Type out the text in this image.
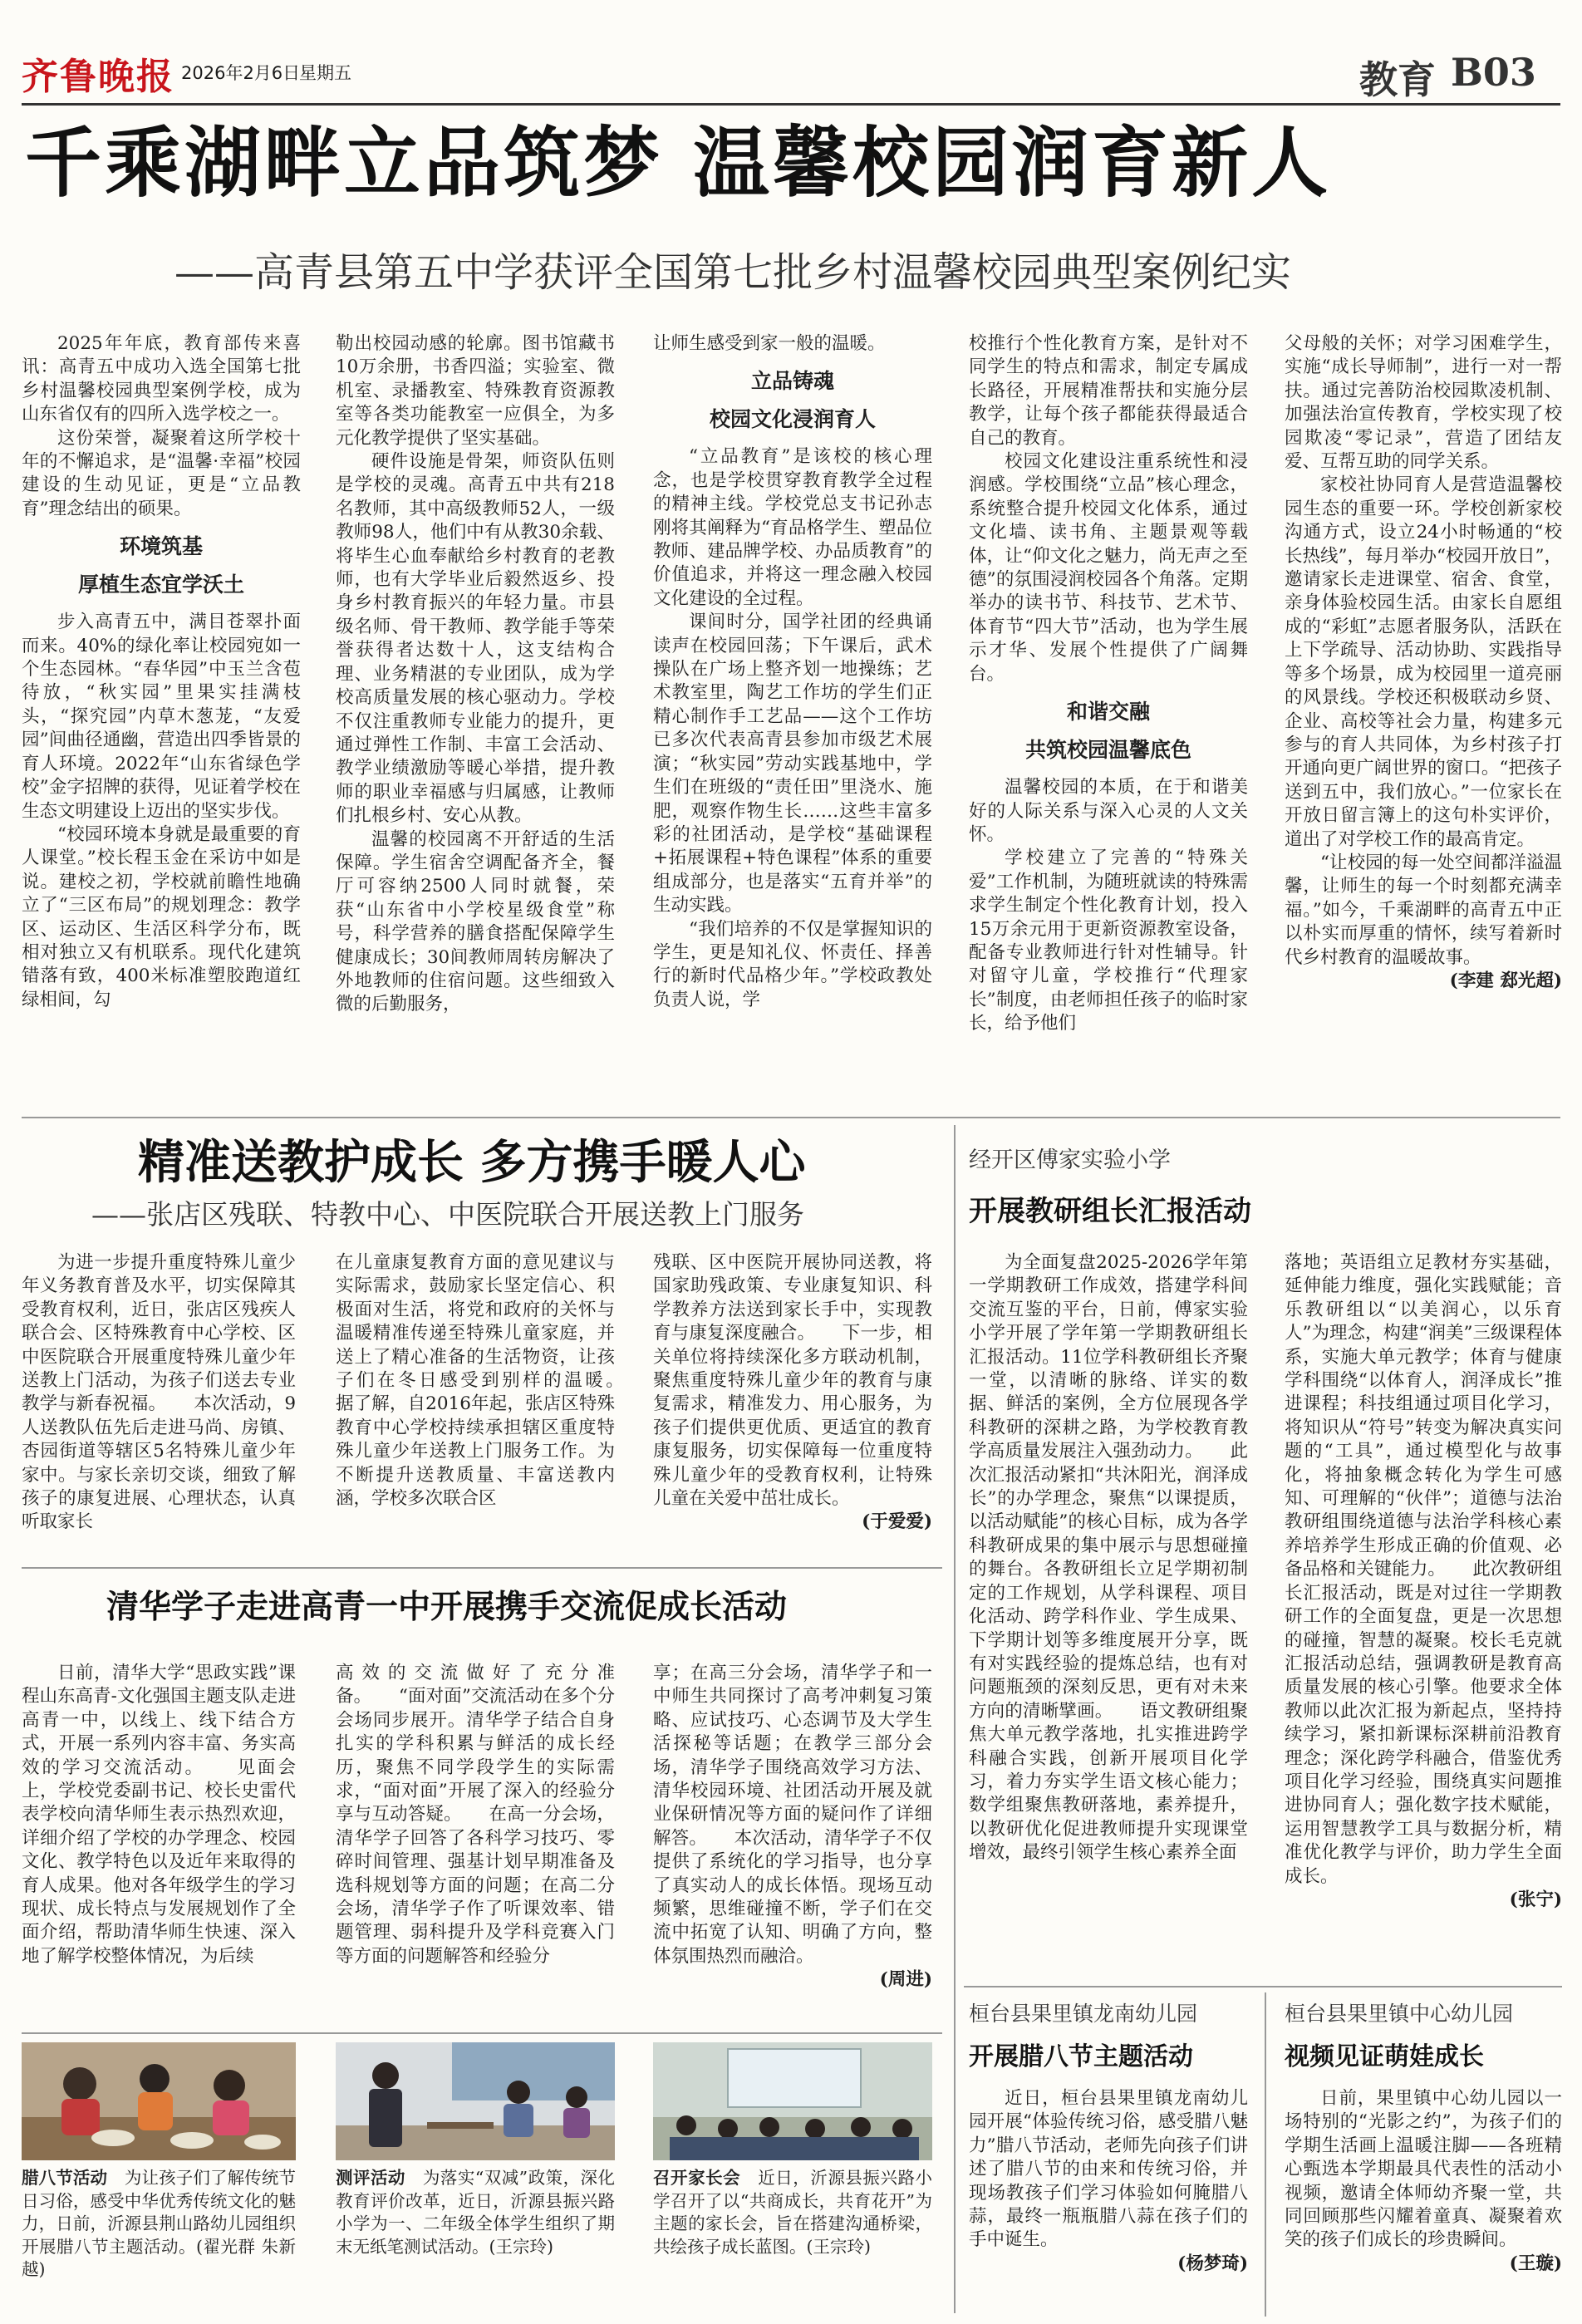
齐鲁晚报 2026年2月6日
星期五	教育 B03
千乘湖畔立品筑梦 温馨校园润育新人
——高青县第五中学获评全国第七批乡村温馨校园典型案例纪实

2025年年底，教育部传来喜讯：高青五中成功入选全国第七批乡村温馨校园典型案例学校，成为山东省仅有的四所入选学校之一。

这份荣誉，凝聚着这所学校十年的不懈追求，是“温馨·幸福”校园建设的生动见证，更是“立品教育”理念结出的硕果。

环境筑基
厚植生态宜学沃土

步入高青五中，满目苍翠扑面而来。40%的绿化率让校园宛如一个生态园林。“春华园”中玉兰含苞待放，“秋实园”里果实挂满枝头，“探究园”内草木葱茏，“友爱园”间曲径通幽，营造出四季皆景的育人环境。2022年“山东省绿色学校”金字招牌的获得，见证着学校在生态文明建设上迈出的坚实步伐。

“校园环境本身就是最重要的育人课堂。”校长程玉金在采访中如是说。建校之初，学校就前瞻性地确立了“三区布局”的规划理念：教学区、运动区、生活区科学分布，既相对独立又有机联系。现代化建筑错落有致，400米标准塑胶跑道红绿相间，勾

勒出校园动感的轮廓。图书馆藏书10万余册，书香四溢；实验室、微机室、录播教室、特殊教育资源教室等各类功能教室一应俱全，为多元化教学提供了坚实基础。

硬件设施是骨架，师资队伍则是学校的灵魂。高青五中共有218名教师，其中高级教师52人，一级教师98人，他们中有从教30余载、将毕生心血奉献给乡村教育的老教师，也有大学毕业后毅然返乡、投身乡村教育振兴的年轻力量。市县级名师、骨干教师、教学能手等荣誉获得者达数十人，这支结构合理、业务精湛的专业团队，成为学校高质量发展的核心驱动力。学校不仅注重教师专业能力的提升，更通过弹性工作制、丰富工会活动、教学业绩激励等暖心举措，提升教师的职业幸福感与归属感，让教师们扎根乡村、安心从教。

温馨的校园离不开舒适的生活保障。学生宿舍空调配备齐全，餐厅可容纳2500人同时就餐，荣获“山东省中小学校星级食堂”称号，科学营养的膳食搭配保障学生健康成长；30间教师周转房解决了外地教师的住宿问题。这些细致入微的后勤服务，

让师生感受到家一般的温暖。

立品铸魂
校园文化浸润育人

“立品教育”是该校的核心理念，也是学校贯穿教育教学全过程的精神主线。学校党总支书记孙志刚将其阐释为“育品格学生、塑品位教师、建品牌学校、办品质教育”的价值追求，并将这一理念融入校园文化建设的全过程。

课间时分，国学社团的经典诵读声在校园回荡；下午课后，武术操队在广场上整齐划一地操练；艺术教室里，陶艺工作坊的学生们正精心制作手工艺品——这个工作坊已多次代表高青县参加市级艺术展演；“秋实园”劳动实践基地中，学生们在班级的“责任田”里浇水、施肥，观察作物生长……这些丰富多彩的社团活动，是学校“基础课程+拓展课程+特色课程”体系的重要组成部分，也是落实“五育并举”的生动实践。

“我们培养的不仅是掌握知识的学生，更是知礼仪、怀责任、择善行的新时代品格少年。”学校政教处负责人说，学

校推行个性化教育方案，是针对不同学生的特点和需求，制定专属成长路径，开展精准帮扶和实施分层教学，让每个孩子都能获得最适合自己的教育。

校园文化建设注重系统性和浸润感。学校围绕“立品”核心理念，系统整合提升校园文化体系，通过文化墙、读书角、主题景观等载体，让“仰文化之魅力，尚无声之至德”的氛围浸润校园各个角落。定期举办的读书节、科技节、艺术节、体育节“四大节”活动，也为学生展示才华、发展个性提供了广阔舞台。

和谐交融
共筑校园温馨底色

温馨校园的本质，在于和谐美好的人际关系与深入心灵的人文关怀。

学校建立了完善的“特殊关爱”工作机制，为随班就读的特殊需求学生制定个性化教育计划，投入15万余元用于更新资源教室设备，配备专业教师进行针对性辅导。针对留守儿童，学校推行“代理家长”制度，由老师担任孩子的临时家长，给予他们

父母般的关怀；对学习困难学生，实施“成长导师制”，进行一对一帮扶。通过完善防治校园欺凌机制、加强法治宣传教育，学校实现了校园欺凌“零记录”，营造了团结友爱、互帮互助的同学关系。

家校社协同育人是营造温馨校园生态的重要一环。学校创新家校沟通方式，设立24小时畅通的“校长热线”，每月举办“校园开放日”，邀请家长走进课堂、宿舍、食堂，亲身体验校园生活。由家长自愿组成的“彩虹”志愿者服务队，活跃在上下学疏导、活动协助、实践指导等多个场景，成为校园里一道亮丽的风景线。学校还积极联动乡贤、企业、高校等社会力量，构建多元参与的育人共同体，为乡村孩子打开通向更广阔世界的窗口。“把孩子送到五中，我们放心。”一位家长在开放日留言簿上的这句朴实评价，道出了对学校工作的最高肯定。

“让校园的每一处空间都洋溢温馨，让师生的每一个时刻都充满幸福。”如今，千乘湖畔的高青五中正以朴实而厚重的情怀，续写着新时代乡村教育的温暖故事。

(李建 郄光超)
精准送教护成长 多方携手暖人心
——张店区残联、特教中心、中医院联合开展送教上门服务

为进一步提升重度特殊儿童少年义务教育普及水平，切实保障其受教育权利，近日，张店区残疾人联合会、区特殊教育中心学校、区中医院联合开展重度特殊儿童少年送教上门活动，为孩子们送去专业教学与新春祝福。　　本次活动，9人送教队伍先后走进马尚、房镇、杏园街道等辖区5名特殊儿童少年家中。与家长亲切交谈，细致了解孩子的康复进展、心理状态，认真听取家长

在儿童康复教育方面的意见建议与实际需求，鼓励家长坚定信心、积极面对生活，将党和政府的关怀与温暖精准传递至特殊儿童家庭，并送上了精心准备的生活物资，让孩子们在冬日感受到别样的温暖。　　据了解，自2016年起，张店区特殊教育中心学校持续承担辖区重度特殊儿童少年送教上门服务工作。为不断提升送教质量、丰富送教内涵，学校多次联合区

残联、区中医院开展协同送教，将国家助残政策、专业康复知识、科学教养方法送到家长手中，实现教育与康复深度融合。　　下一步，相关单位将持续深化多方联动机制，聚焦重度特殊儿童少年的教育与康复需求，精准发力、用心服务，为孩子们提供更优质、更适宜的教育康复服务，切实保障每一位重度特殊儿童少年的受教育权利，让特殊儿童在关爱中茁壮成长。

(于爱爱)
清华学子走进高青一中开展携手交流促成长活动

日前，清华大学“思政实践”课程山东高青-文化强国主题支队走进高青一中，以线上、线下结合方式，开展一系列内容丰富、务实高效的学习交流活动。　　见面会上，学校党委副书记、校长史雷代表学校向清华师生表示热烈欢迎，详细介绍了学校的办学理念、校园文化、教学特色以及近年来取得的育人成果。他对各年级学生的学习现状、成长特点与发展规划作了全面介绍，帮助清华师生快速、深入地了解学校整体情况，为后续

高效的交流做好了充分准备。　　“面对面”交流活动在多个分会场同步展开。清华学子结合自身扎实的学科积累与鲜活的成长经历，聚焦不同学段学生的实际需求，“面对面”开展了深入的经验分享与互动答疑。　　在高一分会场，清华学子回答了各科学习技巧、零碎时间管理、强基计划早期准备及选科规划等方面的问题；在高二分会场，清华学子作了听课效率、错题管理、弱科提升及学科竞赛入门等方面的问题解答和经验分

享；在高三分会场，清华学子和一中师生共同探讨了高考冲刺复习策略、应试技巧、心态调节及大学生活探秘等话题；在教学三部分会场，清华学子围绕高效学习方法、清华校园环境、社团活动开展及就业保研情况等方面的疑问作了详细解答。　　本次活动，清华学子不仅提供了系统化的学习指导，也分享了真实动人的成长体悟。现场互动频繁，思维碰撞不断，学子们在交流中拓宽了认知、明确了方向，整体氛围热烈而融洽。

(周进)
腊八节活动　 为让孩子们了解传统节日习俗，感受中华优秀传统文化的魅力，日前，沂源县荆山路幼儿园组织开展腊八节主题活动。(翟光群 朱新越)
测评活动　 为落实“双减”政策，深化教育评价改革，近日，沂源县振兴路小学为一、二年级全体学生组织了期末无纸笔测试活动。(王宗玲)
召开家长会　 近日，沂源县振兴路小学召开了以“共商成长，共育花开”为主题的家长会，旨在搭建沟通桥梁，共绘孩子成长蓝图。(王宗玲)
经开区傅家实验小学
开展教研组长汇报活动

为全面复盘2025-2026学年第一学期教研工作成效，搭建学科间交流互鉴的平台，日前，傅家实验小学开展了学年第一学期教研组长汇报活动。11位学科教研组长齐聚一堂，以清晰的脉络、详实的数据、鲜活的案例，全方位展现各学科教研的深耕之路，为学校教育教学高质量发展注入强劲动力。　　此次汇报活动紧扣“共沐阳光，润泽成长”的办学理念，聚焦“以课提质，以活动赋能”的核心目标，成为各学科教研成果的集中展示与思想碰撞的舞台。各教研组长立足学期初制定的工作规划，从学科课程、项目化活动、跨学科作业、学生成果、下学期计划等多维度展开分享，既有对实践经验的提炼总结，也有对问题瓶颈的深刻反思，更有对未来方向的清晰擘画。　　语文教研组聚焦大单元教学落地，扎实推进跨学科融合实践，创新开展项目化学习，着力夯实学生语文核心能力；数学组聚焦教研落地，素养提升，以教研优化促进教师提升实现课堂增效，最终引领学生核心素养全面

落地；英语组立足教材夯实基础，延伸能力维度，强化实践赋能；音乐教研组以“以美润心，以乐育人”为理念，构建“润美”三级课程体系，实施大单元教学；体育与健康学科围绕“以体育人，润泽成长”推进课程；科技组通过项目化学习，将知识从“符号”转变为解决真实问题的“工具”，通过模型化与故事化，将抽象概念转化为学生可感知、可理解的“伙伴”；道德与法治教研组围绕道德与法治学科核心素养培养学生形成正确的价值观、必备品格和关键能力。　　此次教研组长汇报活动，既是对过往一学期教研工作的全面复盘，更是一次思想的碰撞，智慧的凝聚。校长毛克就汇报活动总结，强调教研是教育高质量发展的核心引擎。他要求全体教师以此次汇报为新起点，坚持持续学习，紧扣新课标深耕前沿教育理念；深化跨学科融合，借鉴优秀项目化学习经验，围绕真实问题推进协同育人；强化数字技术赋能，运用智慧教学工具与数据分析，精准优化教学与评价，助力学生全面成长。

(张宁)
桓台县果里镇龙南幼儿园
开展腊八节主题活动

近日，桓台县果里镇龙南幼儿园开展“体验传统习俗，感受腊八魅力”腊八节活动，老师先向孩子们讲述了腊八节的由来和传统习俗，并现场教孩子们学习体验如何腌腊八蒜，最终一瓶瓶腊八蒜在孩子们的手中诞生。

(杨梦琦)
桓台县果里镇中心幼儿园
视频见证萌娃成长

日前，果里镇中心幼儿园以一场特别的“光影之约”，为孩子们的学期生活画上温暖注脚——各班精心甄选本学期最具代表性的活动小视频，邀请全体师幼齐聚一堂，共同回顾那些闪耀着童真、凝聚着欢笑的孩子们成长的珍贵瞬间。

(王璇)
